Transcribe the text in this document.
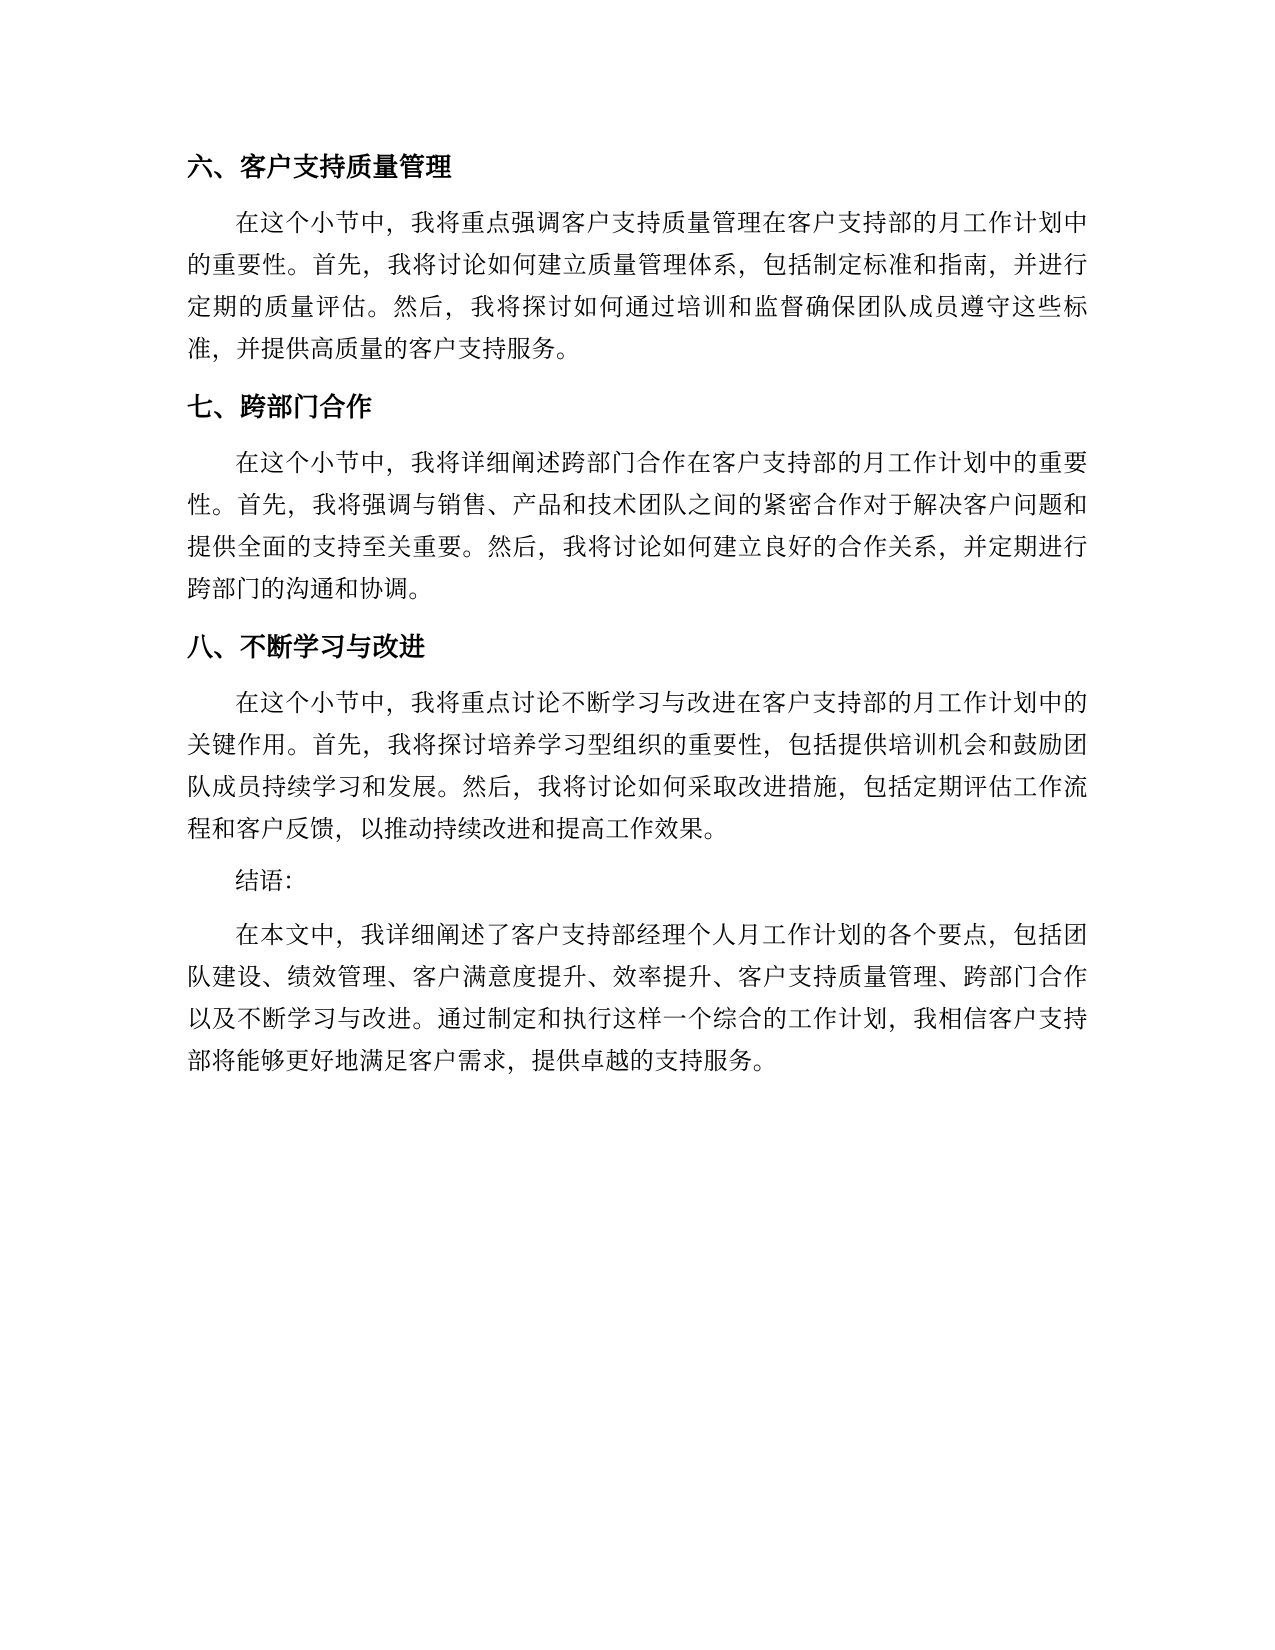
六、客户支持质量管理

在这个小节中，我将重点强调客户支持质量管理在客户支持部的月工作计划中的重要性。首先，我将讨论如何建立质量管理体系，包括制定标准和指南，并进行定期的质量评估。然后，我将探讨如何通过培训和监督确保团队成员遵守这些标准，并提供高质量的客户支持服务。

七、跨部门合作

在这个小节中，我将详细阐述跨部门合作在客户支持部的月工作计划中的重要性。首先，我将强调与销售、产品和技术团队之间的紧密合作对于解决客户问题和提供全面的支持至关重要。然后，我将讨论如何建立良好的合作关系，并定期进行跨部门的沟通和协调。

八、不断学习与改进

在这个小节中，我将重点讨论不断学习与改进在客户支持部的月工作计划中的关键作用。首先，我将探讨培养学习型组织的重要性，包括提供培训机会和鼓励团队成员持续学习和发展。然后，我将讨论如何采取改进措施，包括定期评估工作流程和客户反馈，以推动持续改进和提高工作效果。

结语：

在本文中，我详细阐述了客户支持部经理个人月工作计划的各个要点，包括团队建设、绩效管理、客户满意度提升、效率提升、客户支持质量管理、跨部门合作以及不断学习与改进。通过制定和执行这样一个综合的工作计划，我相信客户支持部将能够更好地满足客户需求，提供卓越的支持服务。
